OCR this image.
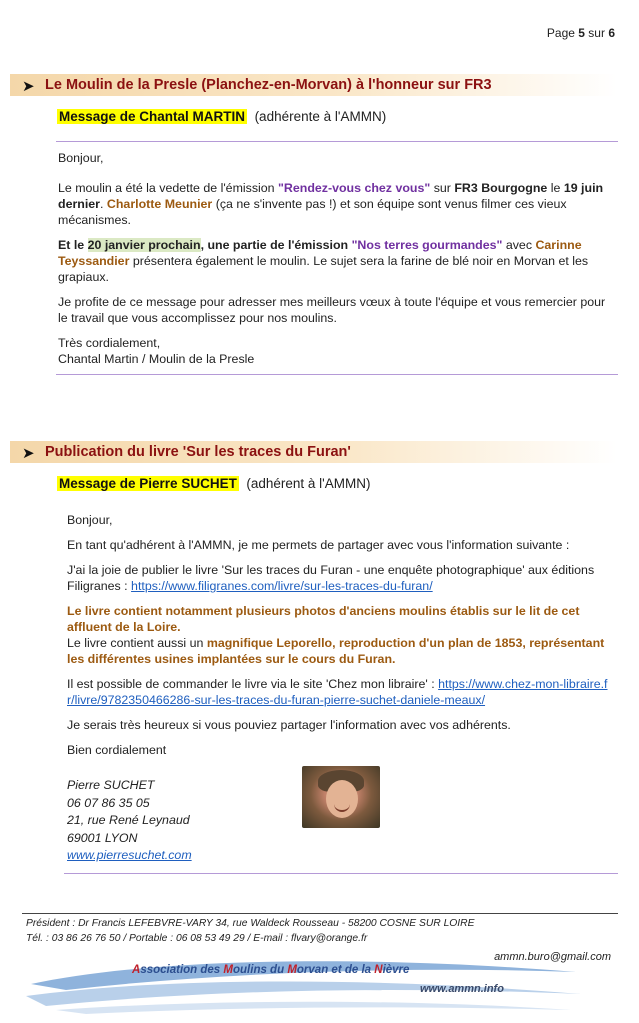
Page 5 sur 6
➤ Le Moulin de la Presle (Planchez-en-Morvan) à l'honneur sur FR3
Message de Chantal MARTIN (adhérente à l'AMMN)

Bonjour,

Le moulin a été la vedette de l'émission "Rendez-vous chez vous" sur FR3 Bourgogne le 19 juin dernier. Charlotte Meunier (ça ne s'invente pas !) et son équipe sont venus filmer ces vieux mécanismes.

Et le 20 janvier prochain, une partie de l'émission "Nos terres gourmandes" avec Carinne Teyssandier présentera également le moulin. Le sujet sera la farine de blé noir en Morvan et les grapiaux.

Je profite de ce message pour adresser mes meilleurs vœux à toute l'équipe et vous remercier pour le travail que vous accomplissez pour nos moulins.

Très cordialement,
Chantal Martin / Moulin de la Presle

➤ Publication du livre 'Sur les traces du Furan'
Message de Pierre SUCHET (adhérent à l'AMMN)

Bonjour,

En tant qu'adhérent à l'AMMN, je me permets de partager avec vous l'information suivante :

J'ai la joie de publier le livre 'Sur les traces du Furan - une enquête photographique' aux éditions Filigranes : https://www.filigranes.com/livre/sur-les-traces-du-furan/

Le livre contient notamment plusieurs photos d'anciens moulins établis sur le lit de cet affluent de la Loire.
Le livre contient aussi un magnifique Leporello, reproduction d'un plan de 1853, représentant les différentes usines implantées sur le cours du Furan.

Il est possible de commander le livre via le site 'Chez mon libraire' : https://www.chez-mon-libraire.fr/livre/9782350466286-sur-les-traces-du-furan-pierre-suchet-daniele-meaux/

Je serais très heureux si vous pouviez partager l'information avec vos adhérents.

Bien cordialement

Pierre SUCHET
06 07 86 35 05
21, rue René Leynaud
69001 LYON
www.pierresuchet.com
Président : Dr Francis LEFEBVRE-VARY 34, rue Waldeck Rousseau - 58200 COSNE SUR LOIRE
Tél. : 03 86 26 76 50 / Portable : 06 08 53 49 29 / E-mail : flvary@orange.fr
ammn.buro@gmail.com
Association des Moulins du Morvan et de la Nièvre
www.ammn.info
